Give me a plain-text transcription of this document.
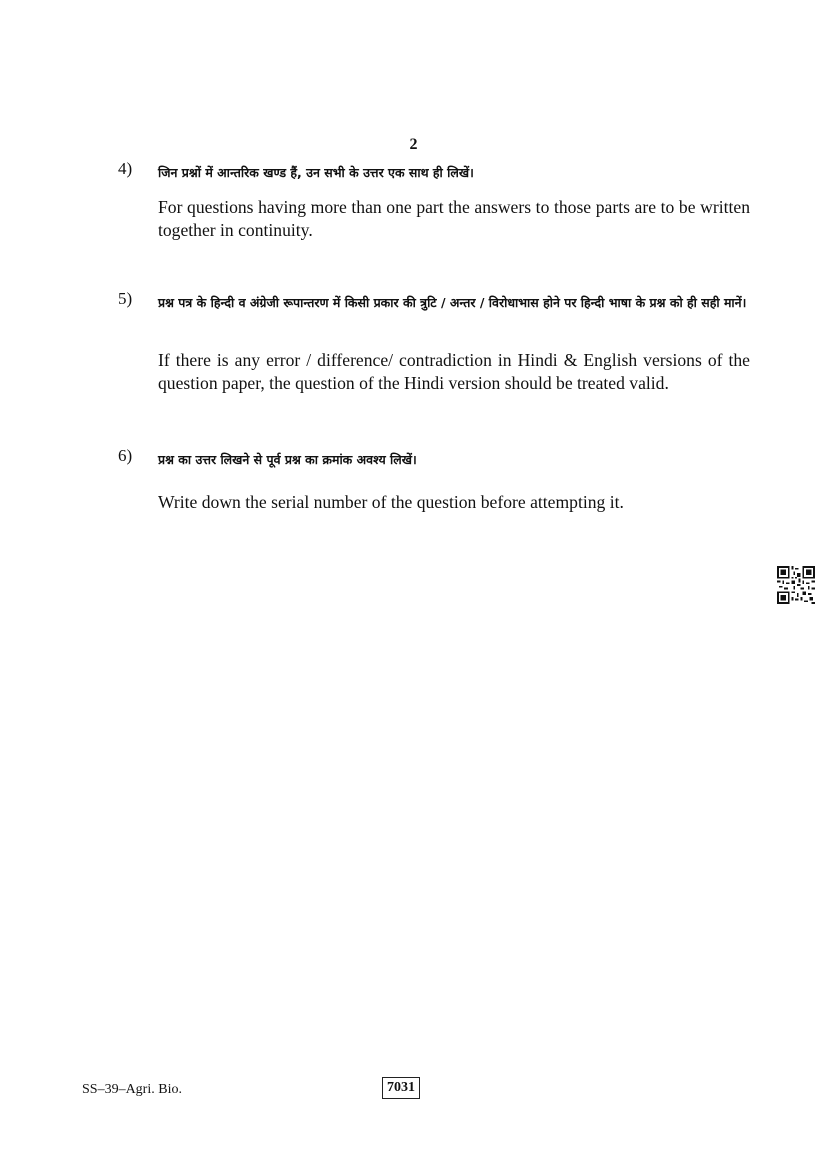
2
4) जिन प्रश्नों में आन्तरिक खण्ड हैं, उन सभी के उत्तर एक साथ ही लिखें।
For questions having more than one part the answers to those parts are to be written together in continuity.
5) प्रश्न पत्र के हिन्दी व अंग्रेजी रूपान्तरण में किसी प्रकार की त्रुटि / अन्तर / विरोधाभास होने पर हिन्दी भाषा के प्रश्न को ही सही मानें।
If there is any error / difference/ contradiction in Hindi & English versions of the question paper, the question of the Hindi version should be treated valid.
6) प्रश्न का उत्तर लिखने से पूर्व प्रश्न का क्रमांक अवश्य लिखें।
Write down the serial number of the question before attempting it.
SS–39–Agri. Bio.	7031
